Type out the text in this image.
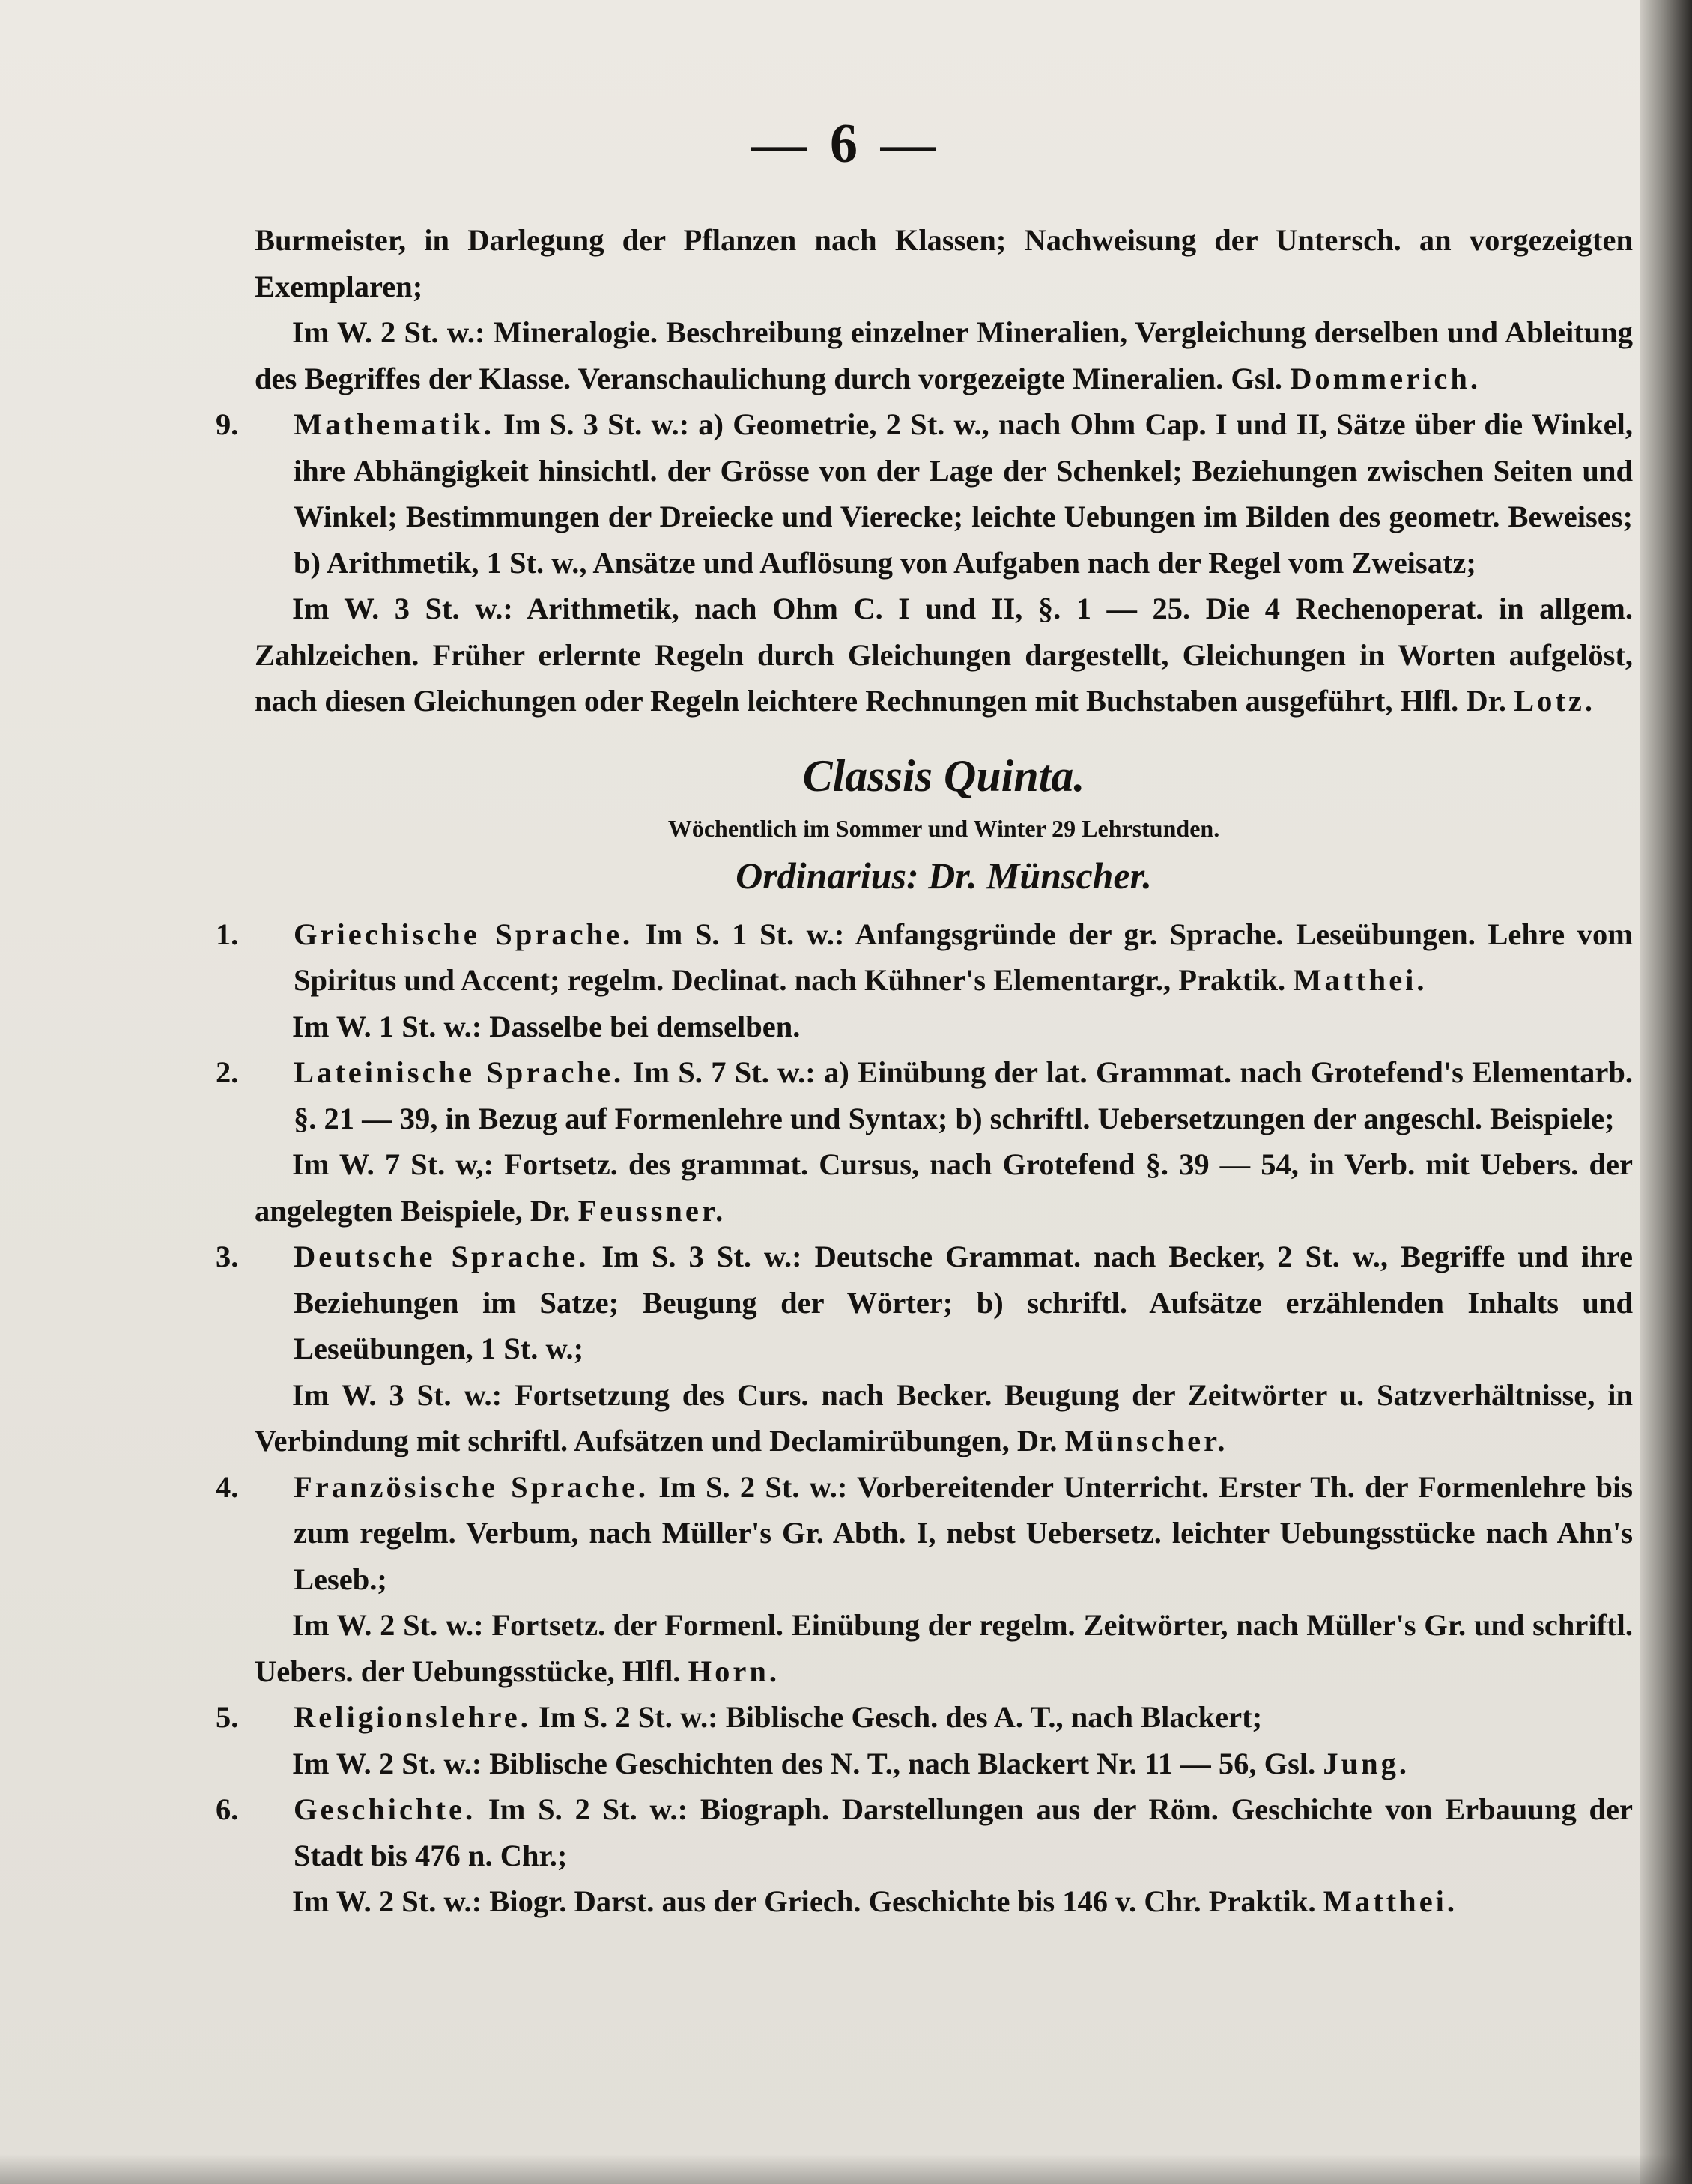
— 6 —

Burmeister, in Darlegung der Pflanzen nach Klassen; Nachweisung der Untersch. an vorgezeigten Exemplaren;

Im W. 2 St. w.: Mineralogie. Beschreibung einzelner Mineralien, Vergleichung derselben und Ableitung des Begriffes der Klasse. Veranschaulichung durch vorgezeigte Mineralien. Gsl. Dommerich.

9. Mathematik. Im S. 3 St. w.: a) Geometrie, 2 St. w., nach Ohm Cap. I und II, Sätze über die Winkel, ihre Abhängigkeit hinsichtl. der Grösse von der Lage der Schenkel; Beziehungen zwischen Seiten und Winkel; Bestimmungen der Dreiecke und Vierecke; leichte Uebungen im Bilden des geometr. Beweises; b) Arithmetik, 1 St. w., Ansätze und Auflösung von Aufgaben nach der Regel vom Zweisatz;

Im W. 3 St. w.: Arithmetik, nach Ohm C. I und II, §. 1 — 25. Die 4 Rechenoperat. in allgem. Zahlzeichen. Früher erlernte Regeln durch Gleichungen dargestellt, Gleichungen in Worten aufgelöst, nach diesen Gleichungen oder Regeln leichtere Rechnungen mit Buchstaben ausgeführt, Hlfl. Dr. Lotz.

Classis Quinta.
Wöchentlich im Sommer und Winter 29 Lehrstunden.
Ordinarius: Dr. Münscher.

1. Griechische Sprache. Im S. 1 St. w.: Anfangsgründe der gr. Sprache. Leseübungen. Lehre vom Spiritus und Accent; regelm. Declinat. nach Kühner's Elementargr., Praktik. Matthei.

Im W. 1 St. w.: Dasselbe bei demselben.

2. Lateinische Sprache. Im S. 7 St. w.: a) Einübung der lat. Grammat. nach Grotefend's Elementarb. §. 21 — 39, in Bezug auf Formenlehre und Syntax; b) schriftl. Uebersetzungen der angeschl. Beispiele;

Im W. 7 St. w,: Fortsetz. des grammat. Cursus, nach Grotefend §. 39 — 54, in Verb. mit Uebers. der angelegten Beispiele, Dr. Feussner.

3. Deutsche Sprache. Im S. 3 St. w.: Deutsche Grammat. nach Becker, 2 St. w., Begriffe und ihre Beziehungen im Satze; Beugung der Wörter; b) schriftl. Aufsätze erzählenden Inhalts und Leseübungen, 1 St. w.;

Im W. 3 St. w.: Fortsetzung des Curs. nach Becker. Beugung der Zeitwörter u. Satzverhältnisse, in Verbindung mit schriftl. Aufsätzen und Declamirübungen, Dr. Münscher.

4. Französische Sprache. Im S. 2 St. w.: Vorbereitender Unterricht. Erster Th. der Formenlehre bis zum regelm. Verbum, nach Müller's Gr. Abth. I, nebst Uebersetz. leichter Uebungsstücke nach Ahn's Leseb.;

Im W. 2 St. w.: Fortsetz. der Formenl. Einübung der regelm. Zeitwörter, nach Müller's Gr. und schriftl. Uebers. der Uebungsstücke, Hlfl. Horn.

5. Religionslehre. Im S. 2 St. w.: Biblische Gesch. des A. T., nach Blackert;

Im W. 2 St. w.: Biblische Geschichten des N. T., nach Blackert Nr. 11 — 56, Gsl. Jung.

6. Geschichte. Im S. 2 St. w.: Biograph. Darstellungen aus der Röm. Geschichte von Erbauung der Stadt bis 476 n. Chr.;

Im W. 2 St. w.: Biogr. Darst. aus der Griech. Geschichte bis 146 v. Chr. Praktik. Matthei.
